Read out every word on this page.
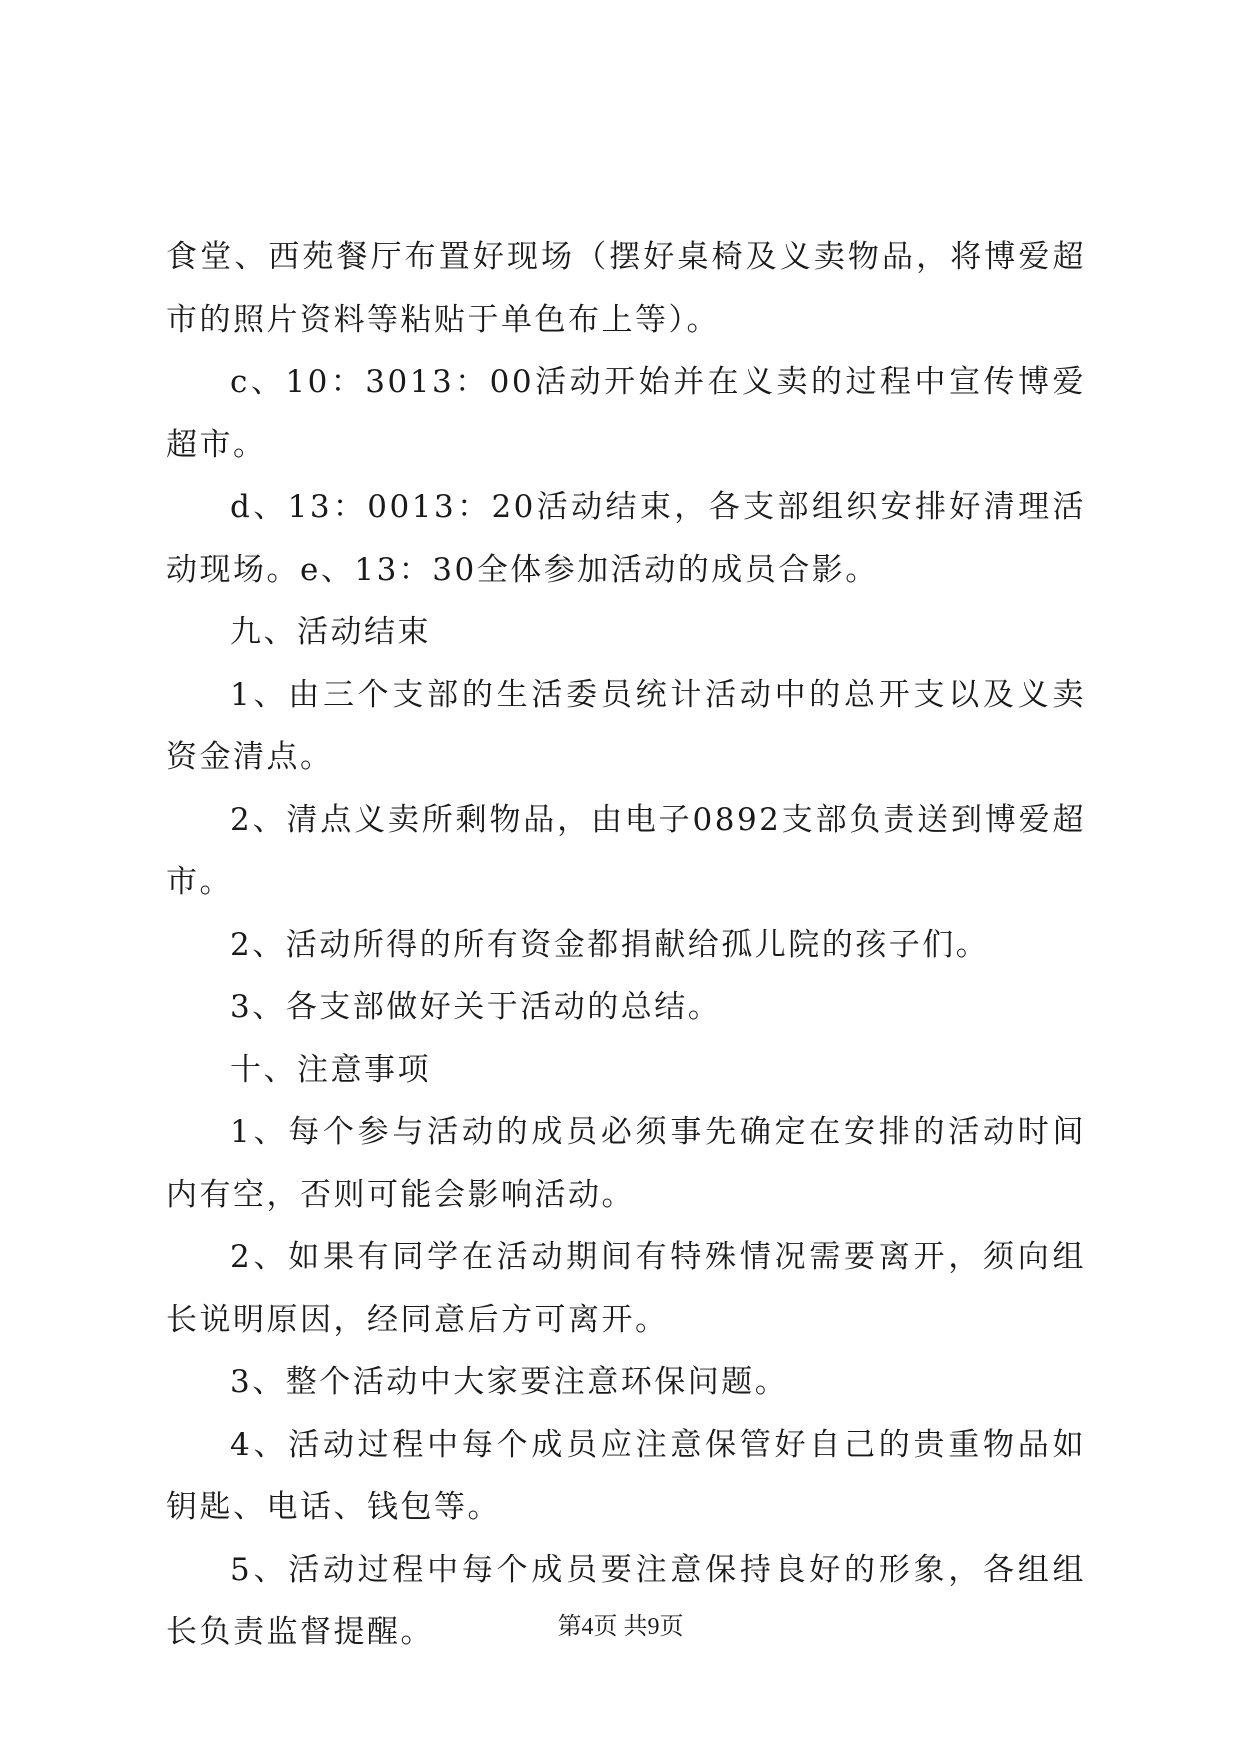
食堂、西苑餐厅布置好现场（摆好桌椅及义卖物品，将博爱超市的照片资料等粘贴于单色布上等）。

c、10：3013：00活动开始并在义卖的过程中宣传博爱超市。

d、13：0013：20活动结束，各支部组织安排好清理活动现场。e、13：30全体参加活动的成员合影。

九、活动结束

1、由三个支部的生活委员统计活动中的总开支以及义卖资金清点。

2、清点义卖所剩物品，由电子0892支部负责送到博爱超市。

2、活动所得的所有资金都捐献给孤儿院的孩子们。

3、各支部做好关于活动的总结。

十、注意事项

1、每个参与活动的成员必须事先确定在安排的活动时间内有空，否则可能会影响活动。

2、如果有同学在活动期间有特殊情况需要离开，须向组长说明原因，经同意后方可离开。

3、整个活动中大家要注意环保问题。

4、活动过程中每个成员应注意保管好自己的贵重物品如钥匙、电话、钱包等。

5、活动过程中每个成员要注意保持良好的形象，各组组长负责监督提醒。	第4页 共9页
